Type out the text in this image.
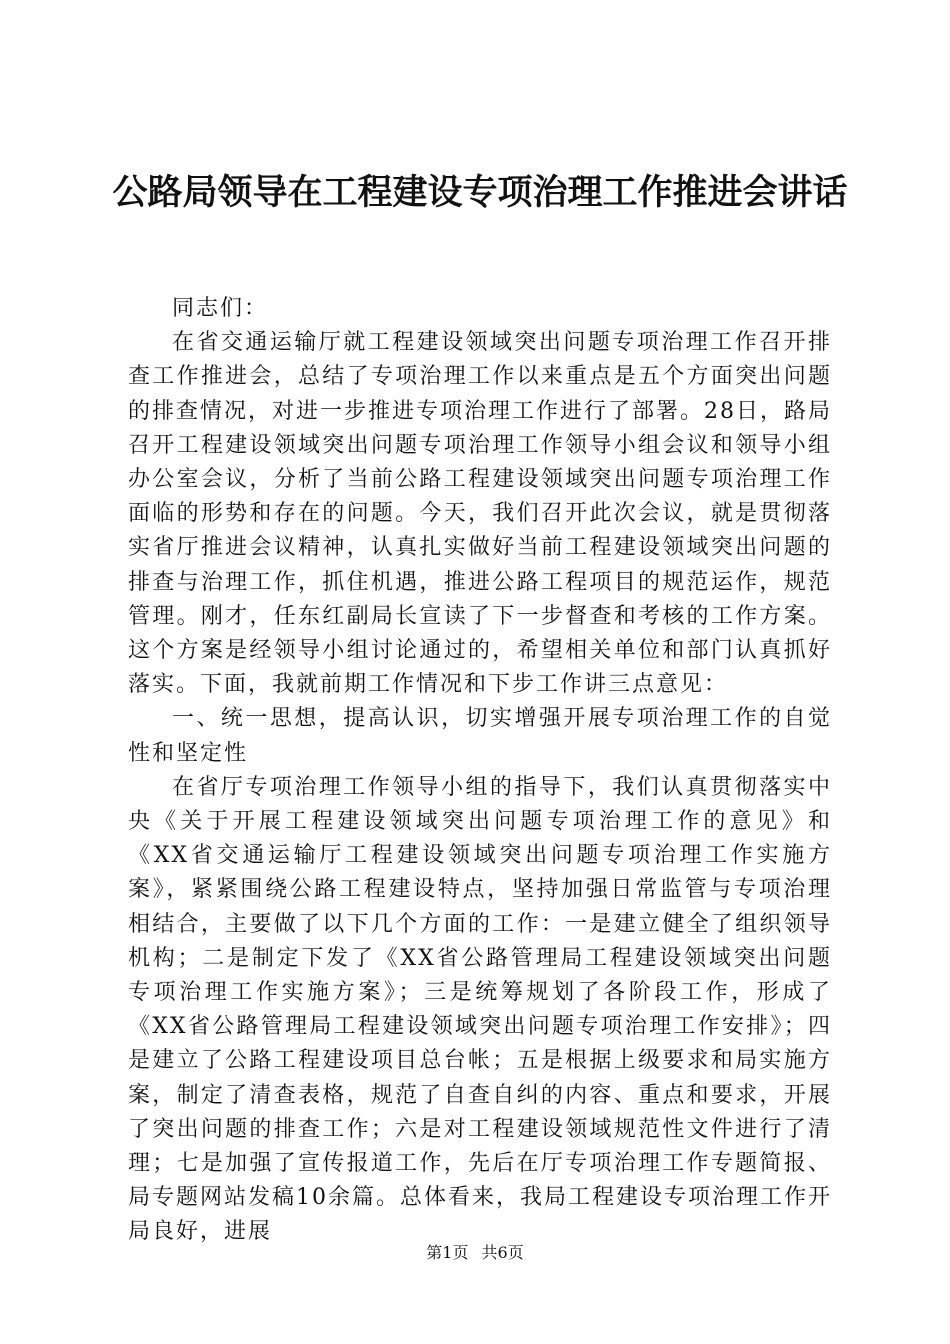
公路局领导在工程建设专项治理工作推进会讲话

同志们：

在省交通运输厅就工程建设领域突出问题专项治理工作召开排查工作推进会，总结了专项治理工作以来重点是五个方面突出问题的排查情况，对进一步推进专项治理工作进行了部署。28日，路局召开工程建设领域突出问题专项治理工作领导小组会议和领导小组办公室会议，分析了当前公路工程建设领域突出问题专项治理工作面临的形势和存在的问题。今天，我们召开此次会议，就是贯彻落实省厅推进会议精神，认真扎实做好当前工程建设领域突出问题的排查与治理工作，抓住机遇，推进公路工程项目的规范运作，规范管理。刚才，任东红副局长宣读了下一步督查和考核的工作方案。这个方案是经领导小组讨论通过的，希望相关单位和部门认真抓好落实。下面，我就前期工作情况和下步工作讲三点意见：

一、统一思想，提高认识，切实增强开展专项治理工作的自觉性和坚定性

在省厅专项治理工作领导小组的指导下，我们认真贯彻落实中央《关于开展工程建设领域突出问题专项治理工作的意见》和《XX省交通运输厅工程建设领域突出问题专项治理工作实施方案》，紧紧围绕公路工程建设特点，坚持加强日常监管与专项治理相结合，主要做了以下几个方面的工作：一是建立健全了组织领导机构；二是制定下发了《XX省公路管理局工程建设领域突出问题专项治理工作实施方案》；三是统筹规划了各阶段工作，形成了《XX省公路管理局工程建设领域突出问题专项治理工作安排》；四是建立了公路工程建设项目总台帐；五是根据上级要求和局实施方案，制定了清查表格，规范了自查自纠的内容、重点和要求，开展了突出问题的排查工作；六是对工程建设领域规范性文件进行了清理；七是加强了宣传报道工作，先后在厅专项治理工作专题简报、局专题网站发稿10余篇。总体看来，我局工程建设专项治理工作开局良好，进展

第1页 共6页
